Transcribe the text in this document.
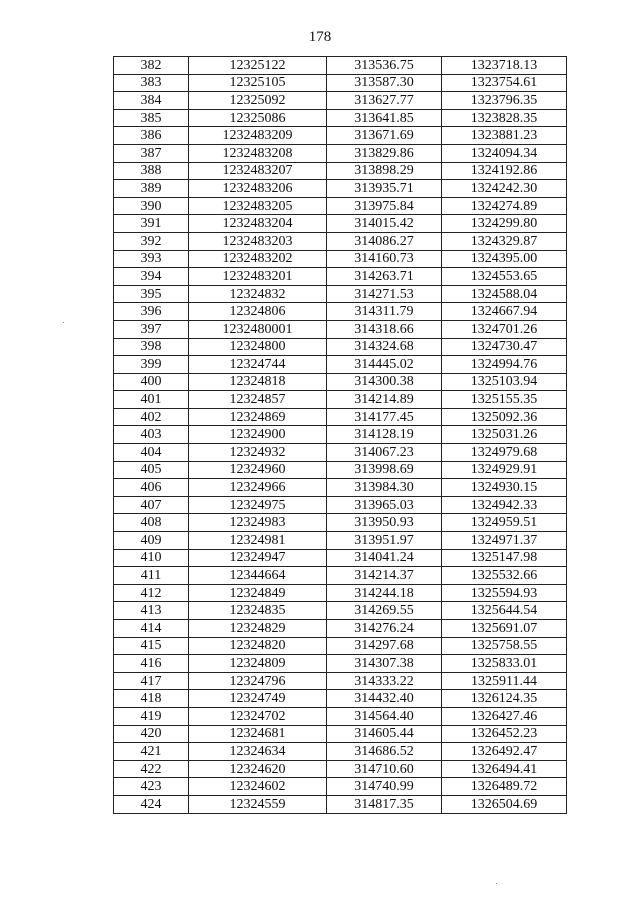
178
382	12325122	313536.75	1323718.13
383	12325105	313587.30	1323754.61
384	12325092	313627.77	1323796.35
385	12325086	313641.85	1323828.35
386	1232483209	313671.69	1323881.23
387	1232483208	313829.86	1324094.34
388	1232483207	313898.29	1324192.86
389	1232483206	313935.71	1324242.30
390	1232483205	313975.84	1324274.89
391	1232483204	314015.42	1324299.80
392	1232483203	314086.27	1324329.87
393	1232483202	314160.73	1324395.00
394	1232483201	314263.71	1324553.65
395	12324832	314271.53	1324588.04
396	12324806	314311.79	1324667.94
397	1232480001	314318.66	1324701.26
398	12324800	314324.68	1324730.47
399	12324744	314445.02	1324994.76
400	12324818	314300.38	1325103.94
401	12324857	314214.89	1325155.35
402	12324869	314177.45	1325092.36
403	12324900	314128.19	1325031.26
404	12324932	314067.23	1324979.68
405	12324960	313998.69	1324929.91
406	12324966	313984.30	1324930.15
407	12324975	313965.03	1324942.33
408	12324983	313950.93	1324959.51
409	12324981	313951.97	1324971.37
410	12324947	314041.24	1325147.98
411	12344664	314214.37	1325532.66
412	12324849	314244.18	1325594.93
413	12324835	314269.55	1325644.54
414	12324829	314276.24	1325691.07
415	12324820	314297.68	1325758.55
416	12324809	314307.38	1325833.01
417	12324796	314333.22	1325911.44
418	12324749	314432.40	1326124.35
419	12324702	314564.40	1326427.46
420	12324681	314605.44	1326452.23
421	12324634	314686.52	1326492.47
422	12324620	314710.60	1326494.41
423	12324602	314740.99	1326489.72
424	12324559	314817.35	1326504.69
